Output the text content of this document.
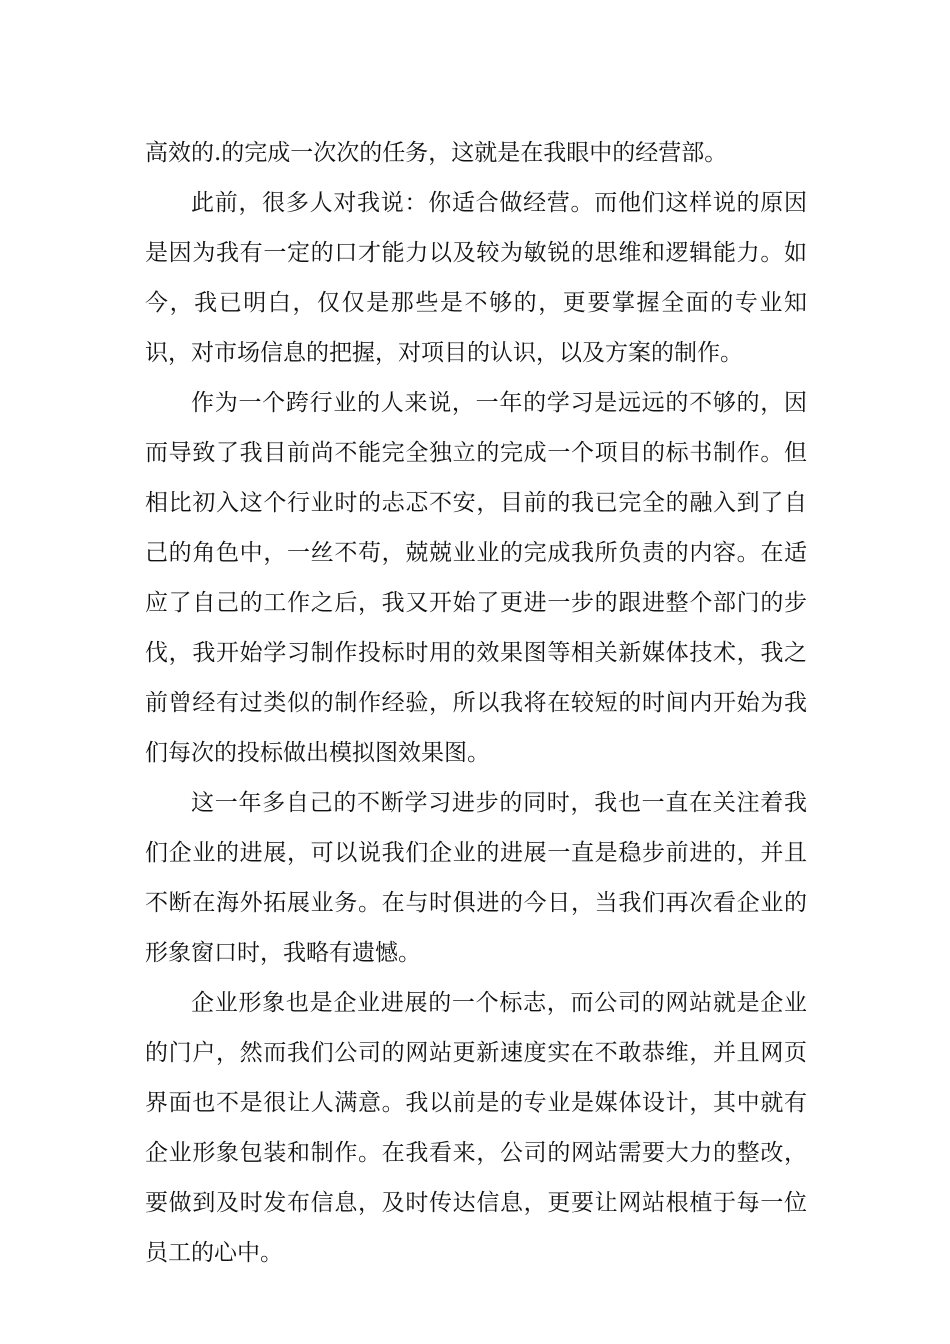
高效的.的完成一次次的任务，这就是在我眼中的经营部。

此前，很多人对我说：你适合做经营。而他们这样说的原因是因为我有一定的口才能力以及较为敏锐的思维和逻辑能力。如今，我已明白，仅仅是那些是不够的，更要掌握全面的专业知识，对市场信息的把握，对项目的认识，以及方案的制作。

作为一个跨行业的人来说，一年的学习是远远的不够的，因而导致了我目前尚不能完全独立的完成一个项目的标书制作。但相比初入这个行业时的忐忑不安，目前的我已完全的融入到了自己的角色中，一丝不苟，兢兢业业的完成我所负责的内容。在适应了自己的工作之后，我又开始了更进一步的跟进整个部门的步伐，我开始学习制作投标时用的效果图等相关新媒体技术，我之前曾经有过类似的制作经验，所以我将在较短的时间内开始为我们每次的投标做出模拟图效果图。

这一年多自己的不断学习进步的同时，我也一直在关注着我们企业的进展，可以说我们企业的进展一直是稳步前进的，并且不断在海外拓展业务。在与时俱进的今日，当我们再次看企业的形象窗口时，我略有遗憾。

企业形象也是企业进展的一个标志，而公司的网站就是企业的门户，然而我们公司的网站更新速度实在不敢恭维，并且网页界面也不是很让人满意。我以前是的专业是媒体设计，其中就有企业形象包装和制作。在我看来，公司的网站需要大力的整改，要做到及时发布信息，及时传达信息，更要让网站根植于每一位员工的心中。
